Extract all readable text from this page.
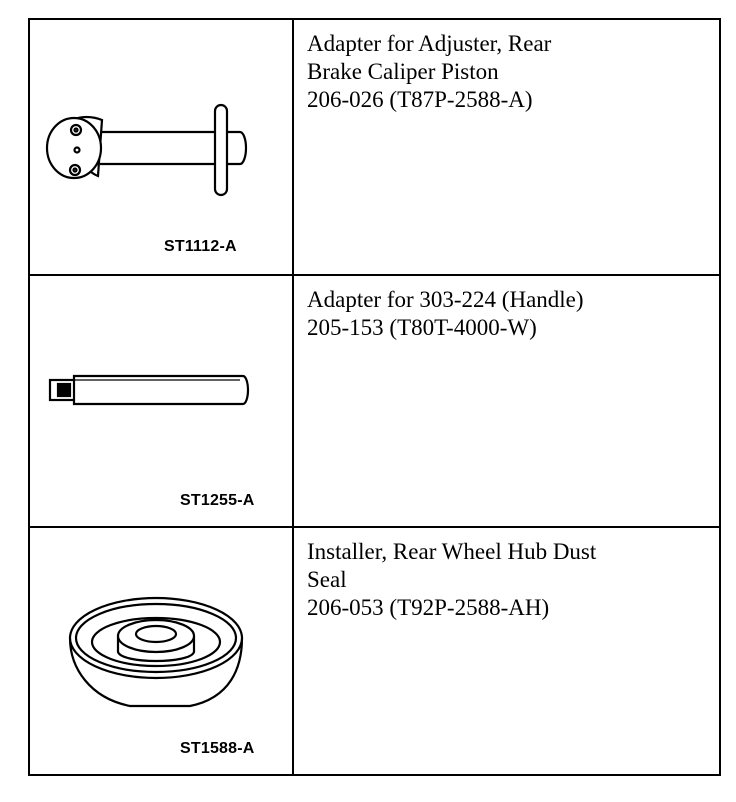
ST1112-A
Adapter for Adjuster, Rear
Brake Caliper Piston
206-026 (T87P-2588-A)
ST1255-A
Adapter for 303-224 (Handle)
205-153 (T80T-4000-W)
ST1588-A
Installer, Rear Wheel Hub Dust
Seal
206-053 (T92P-2588-AH)
